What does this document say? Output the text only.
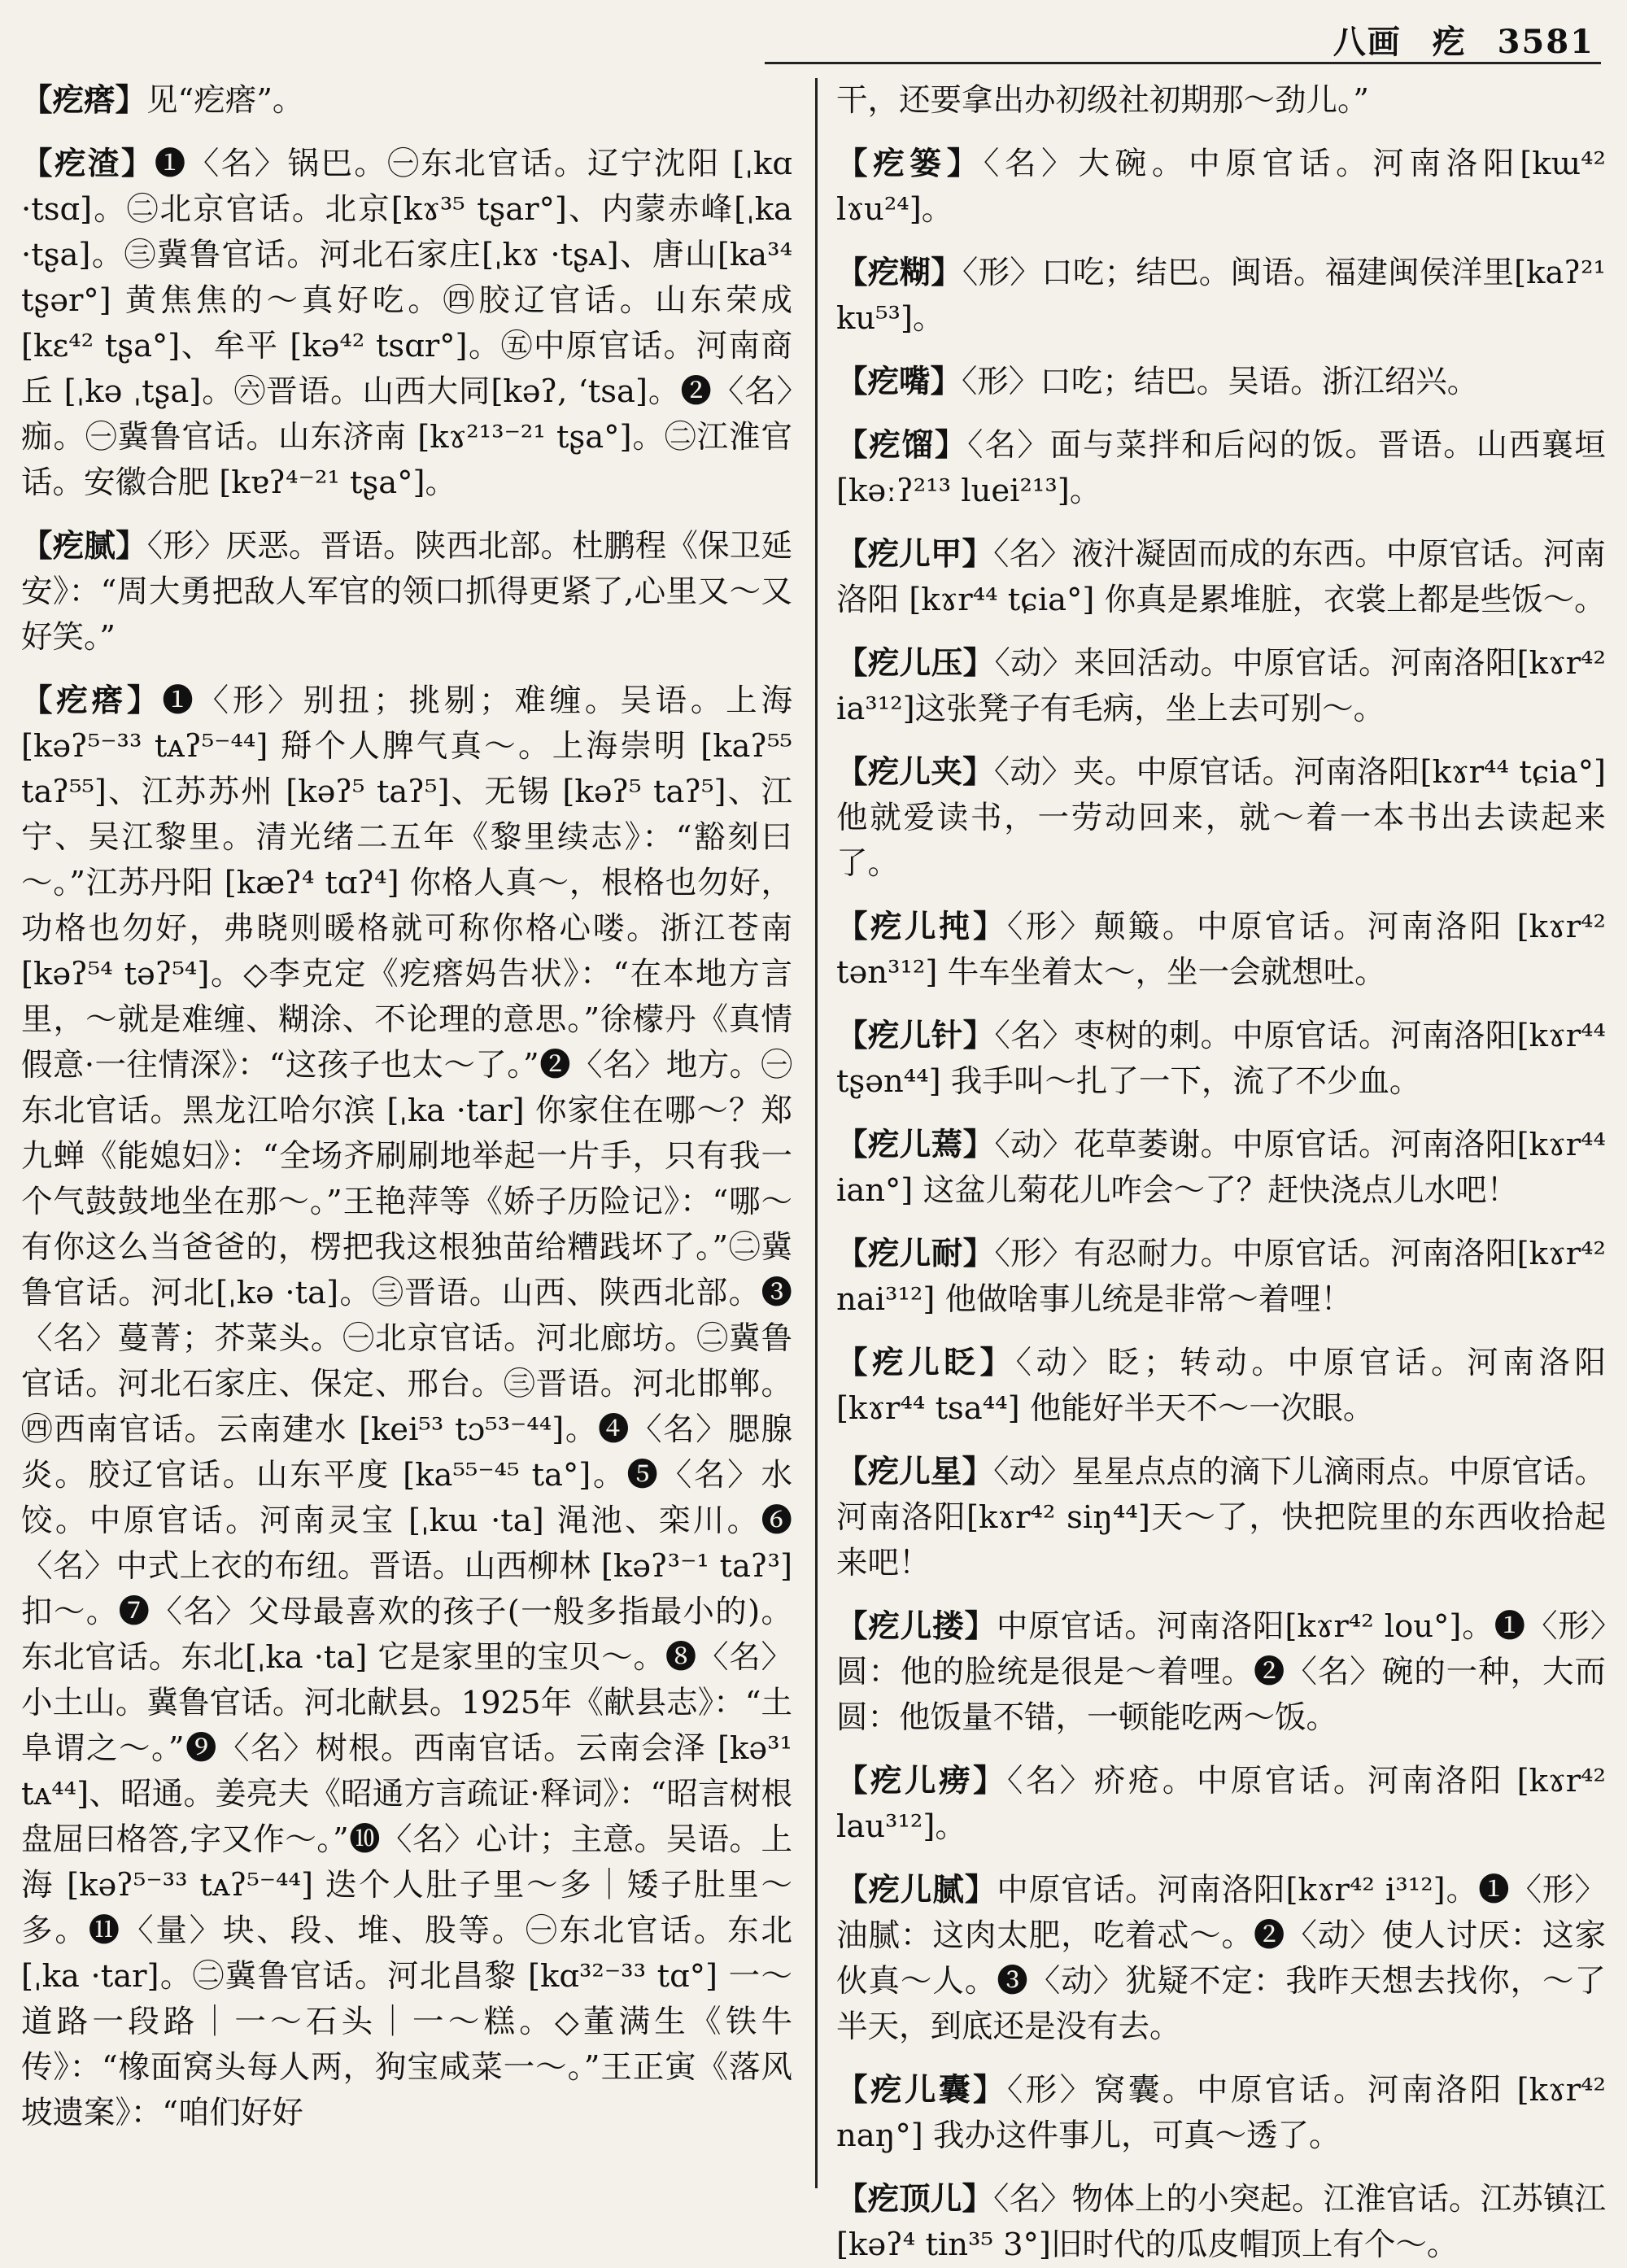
八画 疙 3581
【疙瘩】见“疙瘩”。
【疙渣】❶〈名〉锅巴。㊀东北官话。辽宁沈阳 [ˌkɑ ·tsɑ]。㊁北京官话。北京[kɤ³⁵ tʂar°]、内蒙赤峰[ˌka ·tʂa]。㊂冀鲁官话。河北石家庄[ˌkɤ ·tʂᴀ]、唐山[ka³⁴ tʂər°] 黄焦焦的～真好吃。㊃胶辽官话。山东荣成 [kɛ⁴² tʂa°]、牟平 [kə⁴² tsɑr°]。㊄中原官话。河南商丘 [ˌkə ˌtʂa]。㊅晋语。山西大同[kəʔ, ʻtsa]。❷〈名〉痂。㊀冀鲁官话。山东济南 [kɤ²¹³⁻²¹ tʂa°]。㊁江淮官话。安徽合肥 [kɐʔ⁴⁻²¹ tʂa°]。
【疙腻】〈形〉厌恶。晋语。陕西北部。杜鹏程《保卫延安》：“周大勇把敌人军官的领口抓得更紧了,心里又～又好笑。”
【疙瘩】❶〈形〉别扭；挑剔；难缠。吴语。上海 [kəʔ⁵⁻³³ tᴀʔ⁵⁻⁴⁴] 搿个人脾气真～。上海崇明 [kaʔ⁵⁵ taʔ⁵⁵]、江苏苏州 [kəʔ⁵ taʔ⁵]、无锡 [kəʔ⁵ taʔ⁵]、江宁、吴江黎里。清光绪二五年《黎里续志》：“豁刻曰～。”江苏丹阳 [kæʔ⁴ tɑʔ⁴] 你格人真～，根格也勿好，功格也勿好，弗晓则暖格就可称你格心喽。浙江苍南 [kəʔ⁵⁴ təʔ⁵⁴]。◇李克定《疙瘩妈告状》：“在本地方言里，～就是难缠、糊涂、不论理的意思。”徐檬丹《真情假意·一往情深》：“这孩子也太～了。”❷〈名〉地方。㊀东北官话。黑龙江哈尔滨 [ˌka ·tar] 你家住在哪～？郑九蝉《能媳妇》：“全场齐刷刷地举起一片手，只有我一个气鼓鼓地坐在那～。”王艳萍等《娇子历险记》：“哪～有你这么当爸爸的，楞把我这根独苗给糟践坏了。”㊁冀鲁官话。河北[ˌkə ·ta]。㊂晋语。山西、陕西北部。❸〈名〉蔓菁；芥菜头。㊀北京官话。河北廊坊。㊁冀鲁官话。河北石家庄、保定、邢台。㊂晋语。河北邯郸。㊃西南官话。云南建水 [kei⁵³ tɔ⁵³⁻⁴⁴]。❹〈名〉腮腺炎。胶辽官话。山东平度 [ka⁵⁵⁻⁴⁵ ta°]。❺〈名〉水饺。中原官话。河南灵宝 [ˌkɯ ·ta] 渑池、栾川。❻〈名〉中式上衣的布纽。晋语。山西柳林 [kəʔ³⁻¹ taʔ³] 扣～。❼〈名〉父母最喜欢的孩子(一般多指最小的)。东北官话。东北[ˌka ·ta] 它是家里的宝贝～。❽〈名〉小土山。冀鲁官话。河北献县。1925年《献县志》：“土阜谓之～。”❾〈名〉树根。西南官话。云南会泽 [kə³¹ tᴀ⁴⁴]、昭通。姜亮夫《昭通方言疏证·释词》：“昭言树根盘屈曰格答,字又作～。”❿〈名〉心计；主意。吴语。上海 [kəʔ⁵⁻³³ tᴀʔ⁵⁻⁴⁴] 迭个人肚子里～多｜矮子肚里～多。⓫〈量〉块、段、堆、股等。㊀东北官话。东北[ˌka ·tar]。㊁冀鲁官话。河北昌黎 [kɑ³²⁻³³ tɑ°] 一～道路一段路｜一～石头｜一～糕。◇董满生《铁牛传》：“橡面窝头每人两，狗宝咸菜一～。”王正寅《落风坡遗案》：“咱们好好
干，还要拿出办初级社初期那～劲儿。”
【疙篓】〈名〉大碗。中原官话。河南洛阳[kɯ⁴² lɤu²⁴]。
【疙糊】〈形〉口吃；结巴。闽语。福建闽侯洋里[kaʔ²¹ ku⁵³]。
【疙嘴】〈形〉口吃；结巴。吴语。浙江绍兴。
【疙馏】〈名〉面与菜拌和后闷的饭。晋语。山西襄垣 [kəːʔ²¹³ luei²¹³]。
【疙儿甲】〈名〉液汁凝固而成的东西。中原官话。河南洛阳 [kɤr⁴⁴ tɕia°] 你真是累堆脏，衣裳上都是些饭～。
【疙儿压】〈动〉来回活动。中原官话。河南洛阳[kɤr⁴² ia³¹²]这张凳子有毛病，坐上去可别～。
【疙儿夹】〈动〉夹。中原官话。河南洛阳[kɤr⁴⁴ tɕia°] 他就爱读书，一劳动回来，就～着一本书出去读起来了。
【疙儿扽】〈形〉颠簸。中原官话。河南洛阳 [kɤr⁴² tən³¹²] 牛车坐着太～，坐一会就想吐。
【疙儿针】〈名〉枣树的刺。中原官话。河南洛阳[kɤr⁴⁴ tʂən⁴⁴] 我手叫～扎了一下，流了不少血。
【疙儿蔫】〈动〉花草萎谢。中原官话。河南洛阳[kɤr⁴⁴ ian°] 这盆儿菊花儿咋会～了？赶快浇点儿水吧！
【疙儿耐】〈形〉有忍耐力。中原官话。河南洛阳[kɤr⁴² nai³¹²] 他做啥事儿统是非常～着哩！
【疙儿眨】〈动〉眨；转动。中原官话。河南洛阳 [kɤr⁴⁴ tsa⁴⁴] 他能好半天不～一次眼。
【疙儿星】〈动〉星星点点的滴下儿滴雨点。中原官话。河南洛阳[kɤr⁴² siŋ⁴⁴]天～了，快把院里的东西收拾起来吧！
【疙儿搂】中原官话。河南洛阳[kɤr⁴² lou°]。❶〈形〉圆：他的脸统是很是～着哩。❷〈名〉碗的一种，大而圆：他饭量不错，一顿能吃两～饭。
【疙儿痨】〈名〉疥疮。中原官话。河南洛阳 [kɤr⁴² lau³¹²]。
【疙儿腻】中原官话。河南洛阳[kɤr⁴² i³¹²]。❶〈形〉油腻：这肉太肥，吃着忒～。❷〈动〉使人讨厌：这家伙真～人。❸〈动〉犹疑不定：我昨天想去找你，～了半天，到底还是没有去。
【疙儿囊】〈形〉窝囊。中原官话。河南洛阳 [kɤr⁴² naŋ°] 我办这件事儿，可真～透了。
【疙顶儿】〈名〉物体上的小突起。江淮官话。江苏镇江 [kəʔ⁴ tin³⁵ 3°]旧时代的瓜皮帽顶上有个～。
